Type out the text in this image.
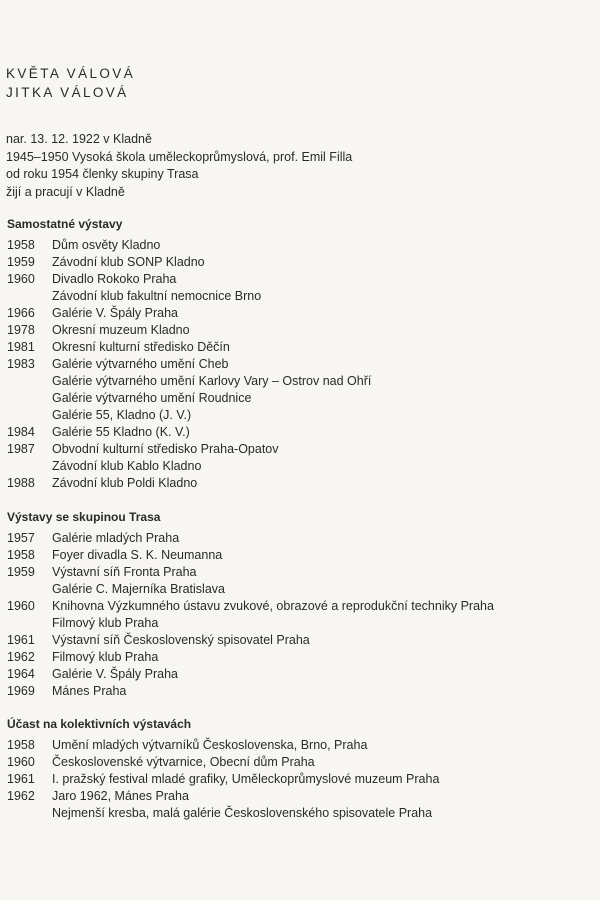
KVĚTA VÁLOVÁ
JITKA VÁLOVÁ
nar. 13. 12. 1922 v Kladně
1945–1950 Vysoká škola uměleckoprůmyslová, prof. Emil Filla
od roku 1954 členky skupiny Trasa
žijí a pracují v Kladně
Samostatné výstavy
1958	Dům osvěty Kladno
1959	Závodní klub SONP Kladno
1960	Divadlo Rokoko Praha
Závodní klub fakultní nemocnice Brno
1966	Galérie V. Špály Praha
1978	Okresní muzeum Kladno
1981	Okresní kulturní středisko Děčín
1983	Galérie výtvarného umění Cheb
Galérie výtvarného umění Karlovy Vary – Ostrov nad Ohří
Galérie výtvarného umění Roudnice
Galérie 55, Kladno (J. V.)
1984	Galérie 55 Kladno (K. V.)
1987	Obvodní kulturní středisko Praha-Opatov
Závodní klub Kablo Kladno
1988	Závodní klub Poldi Kladno
Výstavy se skupinou Trasa
1957	Galérie mladých Praha
1958	Foyer divadla S. K. Neumanna
1959	Výstavní síň Fronta Praha
Galérie C. Majerníka Bratislava
1960	Knihovna Výzkumného ústavu zvukové, obrazové a reprodukční techniky Praha
Filmový klub Praha
1961	Výstavní síň Československý spisovatel Praha
1962	Filmový klub Praha
1964	Galérie V. Špály Praha
1969	Mánes Praha
Účast na kolektivních výstavách
1958	Umění mladých výtvarníků Československa, Brno, Praha
1960	Československé výtvarnice, Obecní dům Praha
1961	I. pražský festival mladé grafiky, Uměleckoprůmyslové muzeum Praha
1962	Jaro 1962, Mánes Praha
Nejmenší kresba, malá galérie Československého spisovatele Praha
